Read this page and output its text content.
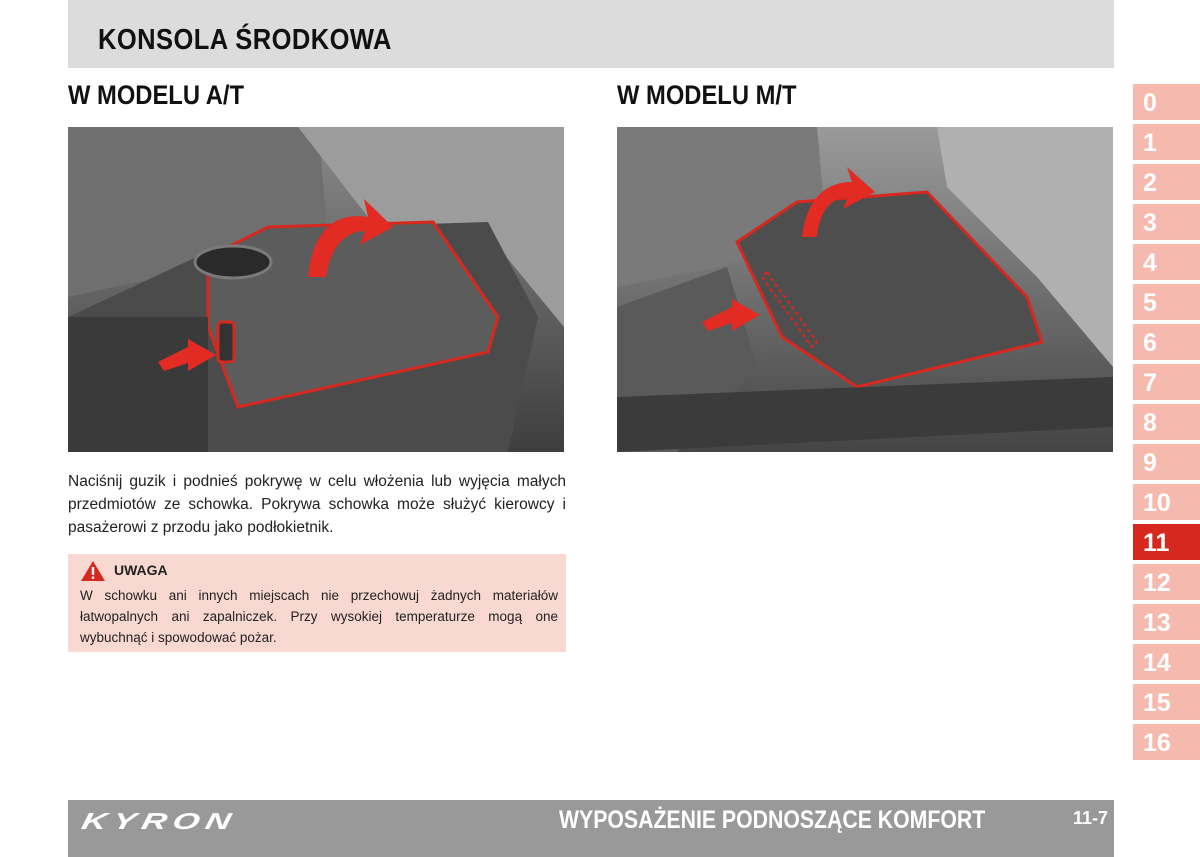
KONSOLA ŚRODKOWA
W MODELU A/T	W MODELU M/T

Naciśnij guzik i podnieś pokrywę w celu włożenia lub wyjęcia małych przedmiotów ze schowka. Pokrywa schowka może służyć kierowcy i pasażerowi z przodu jako podłokietnik.

UWAGA

W schowku ani innych miejscach nie przechowuj żadnych materiałów łatwopalnych ani zapalniczek. Przy wysokiej temperaturze mogą one wybuchnąć i spowodować pożar.

0
1
2
3
4
5
6
7
8
9
10
11
12
13
14
15
16
KYRON	WYPOSAŻENIE PODNOSZĄCE KOMFORT	11-7
